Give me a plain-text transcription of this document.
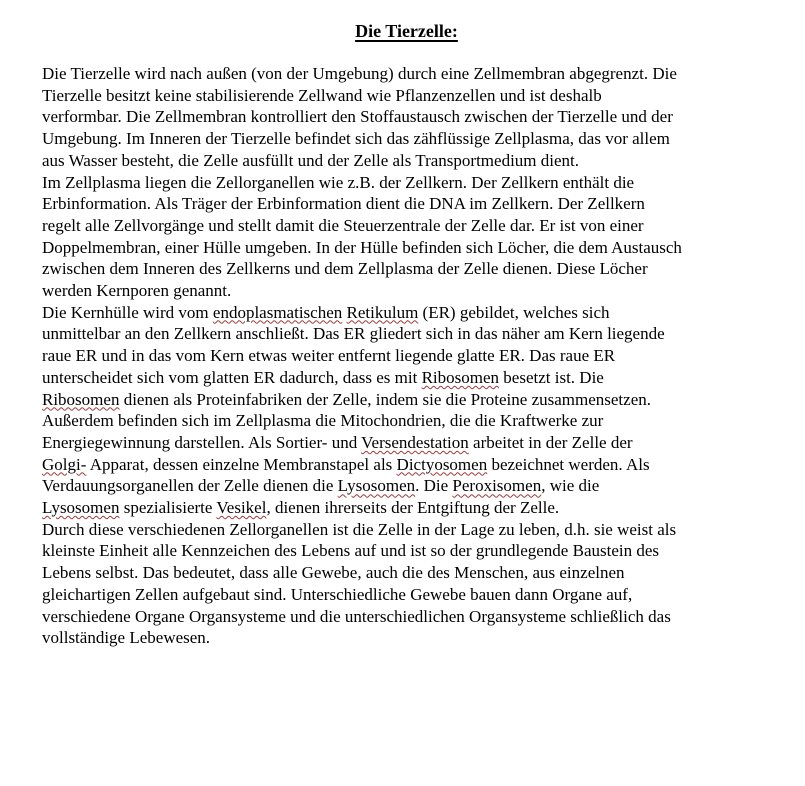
Die Tierzelle:
Die Tierzelle wird nach außen (von der Umgebung) durch eine Zellmembran abgegrenzt. Die
Tierzelle besitzt keine stabilisierende Zellwand wie Pflanzenzellen und ist deshalb
verformbar. Die Zellmembran kontrolliert den Stoffaustausch zwischen der Tierzelle und der
Umgebung. Im Inneren der Tierzelle befindet sich das zähflüssige Zellplasma, das vor allem
aus Wasser besteht, die Zelle ausfüllt und der Zelle als Transportmedium dient.
Im Zellplasma liegen die Zellorganellen wie z.B. der Zellkern. Der Zellkern enthält die
Erbinformation. Als Träger der Erbinformation dient die DNA im Zellkern. Der Zellkern
regelt alle Zellvorgänge und stellt damit die Steuerzentrale der Zelle dar. Er ist von einer
Doppelmembran, einer Hülle umgeben. In der Hülle befinden sich Löcher, die dem Austausch
zwischen dem Inneren des Zellkerns und dem Zellplasma der Zelle dienen. Diese Löcher
werden Kernporen genannt.
Die Kernhülle wird vom endoplasmatischen Retikulum (ER) gebildet, welches sich
unmittelbar an den Zellkern anschließt. Das ER gliedert sich in das näher am Kern liegende
raue ER und in das vom Kern etwas weiter entfernt liegende glatte ER. Das raue ER
unterscheidet sich vom glatten ER dadurch, dass es mit Ribosomen besetzt ist. Die
Ribosomen dienen als Proteinfabriken der Zelle, indem sie die Proteine zusammensetzen.
Außerdem befinden sich im Zellplasma die Mitochondrien, die die Kraftwerke zur
Energiegewinnung darstellen. Als Sortier- und Versendestation arbeitet in der Zelle der
Golgi- Apparat, dessen einzelne Membranstapel als Dictyosomen bezeichnet werden. Als
Verdauungsorganellen der Zelle dienen die Lysosomen. Die Peroxisomen, wie die
Lysosomen spezialisierte Vesikel, dienen ihrerseits der Entgiftung der Zelle.
Durch diese verschiedenen Zellorganellen ist die Zelle in der Lage zu leben, d.h. sie weist als
kleinste Einheit alle Kennzeichen des Lebens auf und ist so der grundlegende Baustein des
Lebens selbst. Das bedeutet, dass alle Gewebe, auch die des Menschen, aus einzelnen
gleichartigen Zellen aufgebaut sind. Unterschiedliche Gewebe bauen dann Organe auf,
verschiedene Organe Organsysteme und die unterschiedlichen Organsysteme schließlich das
vollständige Lebewesen.
